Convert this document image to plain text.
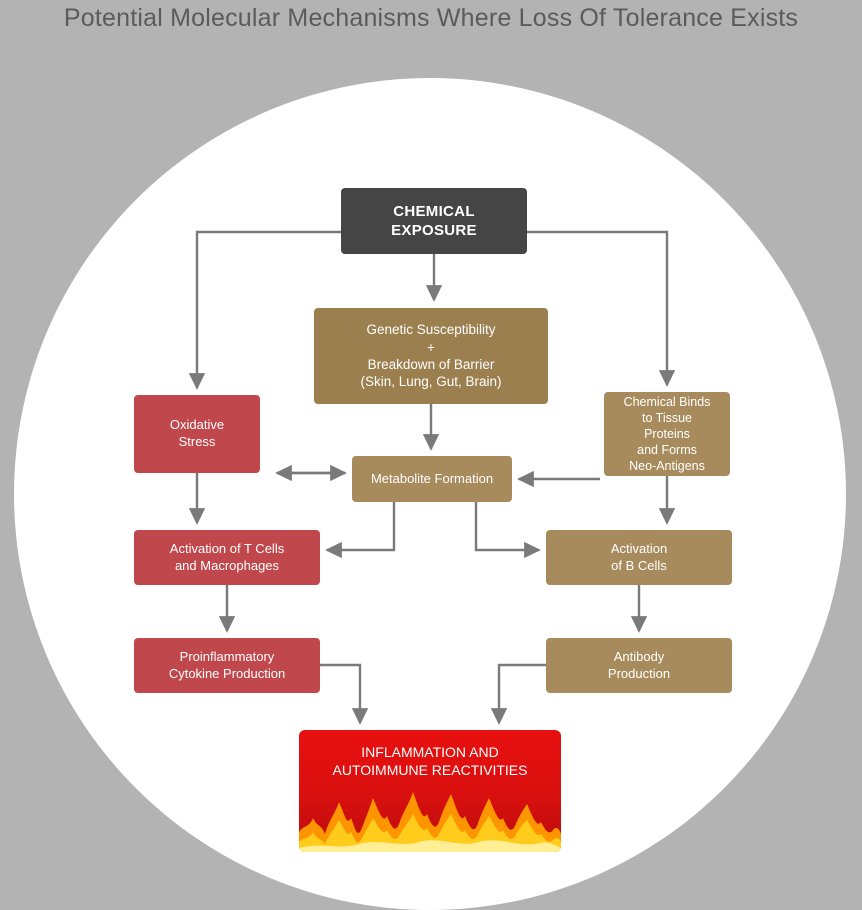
Potential Molecular Mechanisms Where Loss Of Tolerance Exists
CHEMICAL
EXPOSURE
Genetic Susceptibility
+
Breakdown of Barrier
(Skin, Lung, Gut, Brain)
Oxidative
Stress
Chemical Binds
to Tissue
Proteins
and Forms
Neo-Antigens
Metabolite Formation
Activation of T Cells
and Macrophages
Activation
of B Cells
Proinflammatory
Cytokine Production
Antibody
Production
INFLAMMATION AND
AUTOIMMUNE REACTIVITIES
